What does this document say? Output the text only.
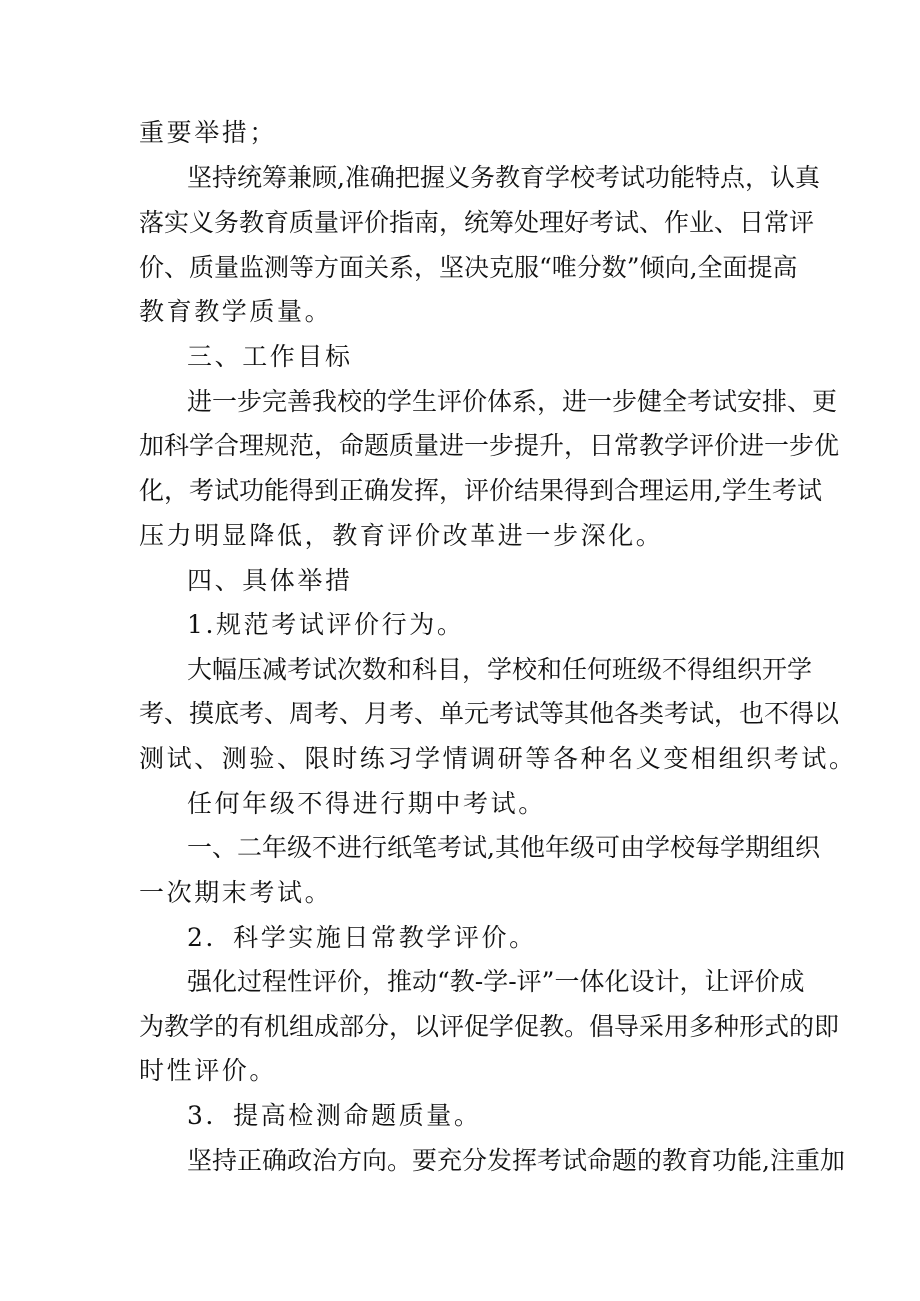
重要举措；
坚持统筹兼顾,准确把握义务教育学校考试功能特点，认真
落实义务教育质量评价指南，统筹处理好考试、作业、日常评
价、质量监测等方面关系，坚决克服“唯分数”倾向,全面提高
教育教学质量。
三、工作目标
进一步完善我校的学生评价体系，进一步健全考试安排、更
加科学合理规范，命题质量进一步提升，日常教学评价进一步优
化，考试功能得到正确发挥，评价结果得到合理运用,学生考试
压力明显降低，教育评价改革进一步深化。
四、具体举措
1.规范考试评价行为。
大幅压减考试次数和科目，学校和任何班级不得组织开学
考、摸底考、周考、月考、单元考试等其他各类考试，也不得以
测试、测验、限时练习学情调研等各种名义变相组织考试。
任何年级不得进行期中考试。
一、二年级不进行纸笔考试,其他年级可由学校每学期组织
一次期末考试。
2．科学实施日常教学评价。
强化过程性评价，推动“教-学-评”一体化设计，让评价成
为教学的有机组成部分，以评促学促教。倡导采用多种形式的即
时性评价。
3．提高检测命题质量。
坚持正确政治方向。要充分发挥考试命题的教育功能,注重加
